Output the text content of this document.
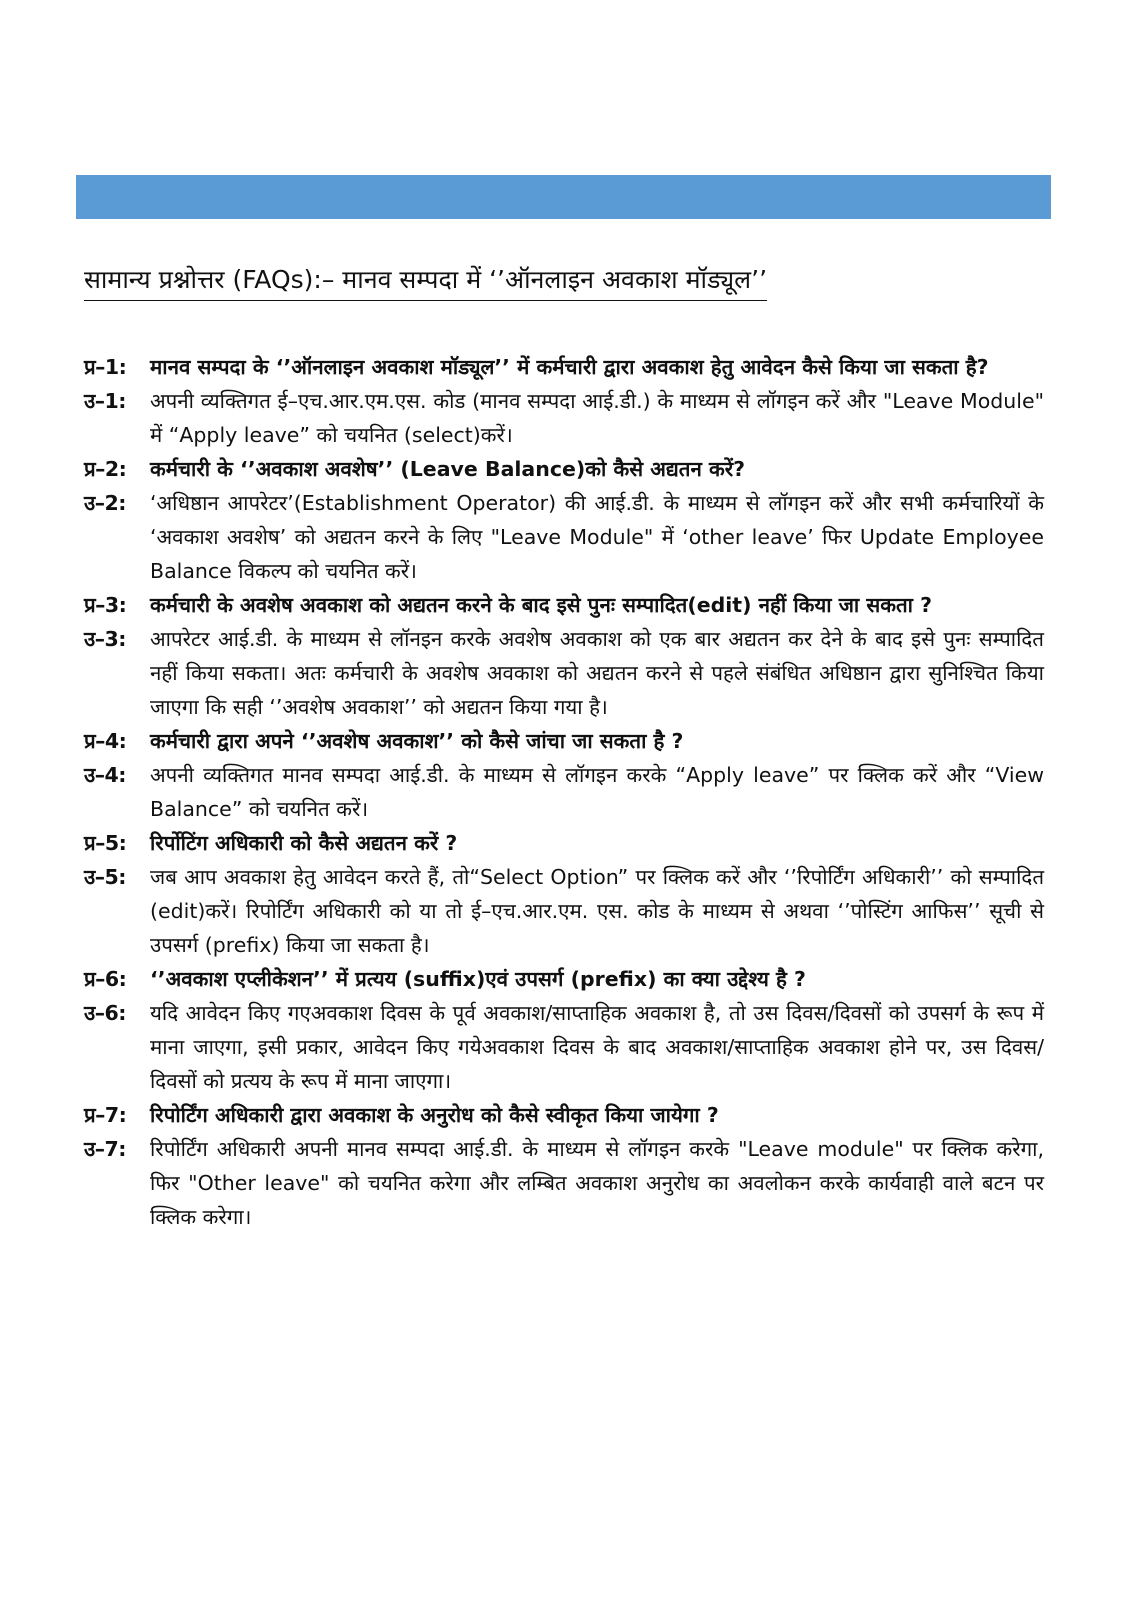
सामान्य प्रश्नोत्तर (FAQs):– मानव सम्पदा में ‘’ऑनलाइन अवकाश मॉड्यूल’’
प्र–1:	मानव सम्पदा के ‘’ऑनलाइन अवकाश मॉड्यूल’’ में कर्मचारी द्वारा अवकाश हेतु आवेदन कैसे किया जा सकता है?
उ–1:	अपनी व्यक्तिगत ई–एच.आर.एम.एस. कोड (मानव सम्पदा आई.डी.) के माध्यम से लॉगइन करें और "Leave Module" में “Apply leave” को चयनित (select)करें।
प्र–2:	कर्मचारी के ‘’अवकाश अवशेष’’ (Leave Balance)को कैसे अद्यतन करें?
उ–2:	‘अधिष्ठान आपरेटर’(Establishment Operator) की आई.डी. के माध्यम से लॉगइन करें और सभी कर्मचारियों के ‘अवकाश अवशेष’ को अद्यतन करने के लिए "Leave Module" में ‘other leave’ फिर Update Employee Balance विकल्प को चयनित करें।
प्र–3:	कर्मचारी के अवशेष अवकाश को अद्यतन करने के बाद इसे पुनः सम्पादित(edit) नहीं किया जा सकता ?
उ–3:	आपरेटर आई.डी. के माध्यम से लॉनइन करके अवशेष अवकाश को एक बार अद्यतन कर देने के बाद इसे पुनः सम्पादित नहीं किया सकता। अतः कर्मचारी के अवशेष अवकाश को अद्यतन करने से पहले संबंधित अधिष्ठान द्वारा सुनिश्चित किया जाएगा कि सही ‘’अवशेष अवकाश’’ को अद्यतन किया गया है।
प्र–4:	कर्मचारी द्वारा अपने ‘’अवशेष अवकाश’’ को कैसे जांचा जा सकता है ?
उ–4:	अपनी व्यक्तिगत मानव सम्पदा आई.डी. के माध्यम से लॉगइन करके “Apply leave” पर क्लिक करें और “View Balance” को चयनित करें।
प्र–5:	रिर्पोटिंग अधिकारी को कैसे अद्यतन करें ?
उ–5:	जब आप अवकाश हेतु आवेदन करते हैं, तो“Select Option” पर क्लिक करें और ‘’रिपोर्टिंग अधिकारी’’ को सम्पादित (edit)करें। रिपोर्टिंग अधिकारी को या तो ई–एच.आर.एम. एस. कोड के माध्यम से अथवा ‘’पोस्टिंग आफिस’’ सूची से उपसर्ग (prefix) किया जा सकता है।
प्र–6:	‘’अवकाश एप्लीकेशन’’ में प्रत्यय (suffix)एवं उपसर्ग (prefix) का क्या उद्देश्य है ?
उ–6:	यदि आवेदन किए गएअवकाश दिवस के पूर्व अवकाश/साप्ताहिक अवकाश है, तो उस दिवस/दिवसों को उपसर्ग के रूप में माना जाएगा, इसी प्रकार, आवेदन किए गयेअवकाश दिवस के बाद अवकाश/साप्ताहिक अवकाश होने पर, उस दिवस/दिवसों को प्रत्यय के रूप में माना जाएगा।
प्र–7:	रिपोर्टिंग अधिकारी द्वारा अवकाश के अनुरोध को कैसे स्वीकृत किया जायेगा ?
उ–7:	रिपोर्टिंग अधिकारी अपनी मानव सम्पदा आई.डी. के माध्यम से लॉगइन करके "Leave module" पर क्लिक करेगा, फिर "Other leave" को चयनित करेगा और लम्बित अवकाश अनुरोध का अवलोकन करके कार्यवाही वाले बटन पर क्लिक करेगा।
